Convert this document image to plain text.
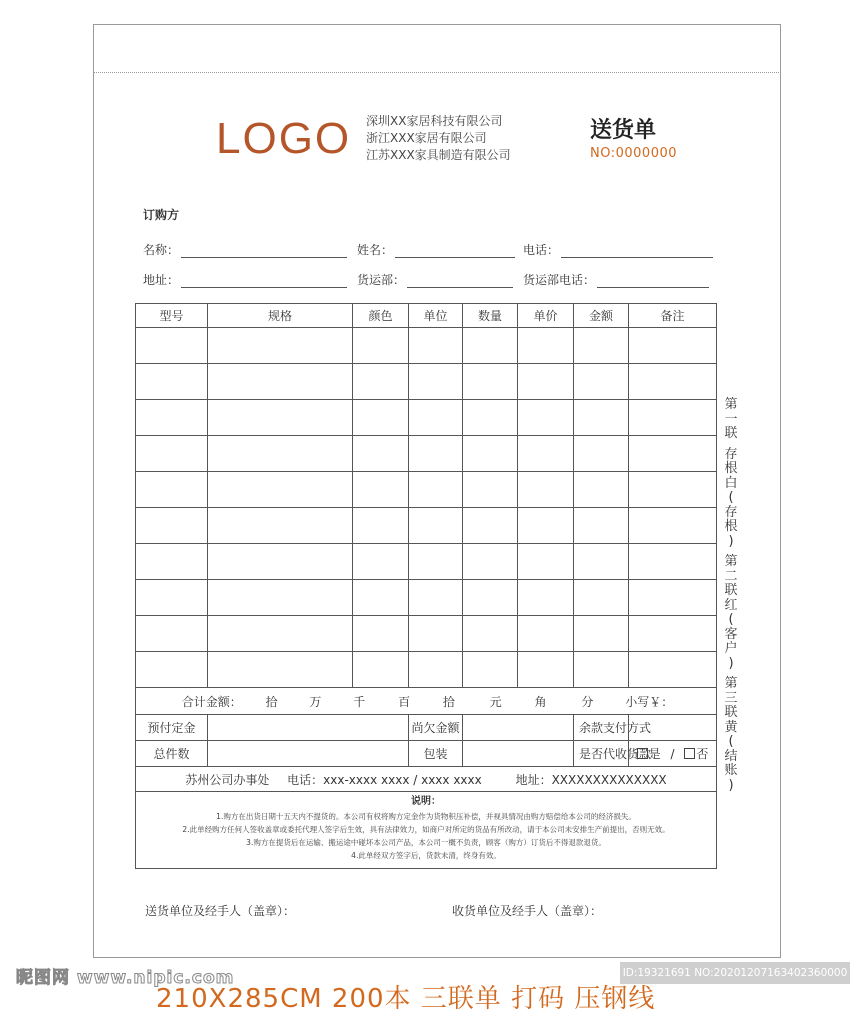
LOGO 深圳XX家居科技有限公司
浙江XXX家居有限公司
江苏XXX家具制造有限公司
送货单
NO:0000000
订购方
名称：	姓名：	电话：
地址：	货运部：	货运部电话：
型号	规格	颜色	单位	数量	单价	金额	备注

合计金额： 拾 万 千 百 拾 元 角 分 小写￥：							
预付定金			尚欠金额			余款支付方式	
总件数			包装			是否代收货款	是 / 否
苏州公司办事处 电话：xxx-xxxx xxxx / xxxx xxxx 地址：XXXXXXXXXXXXXX							

说明：
1.购方在出货日期十五天内不提货的。本公司有权将购方定金作为货物积压补偿，并视具情况由购方赔偿给本公司的经济损失。
2.此单经购方任何人签收盖章或委托代理人签字后生效，具有法律效力，如商户对所定的货品有所改动，请于本公司未安排生产前提出，否则无效。
3.购方在提货后在运输、搬运途中碰坏本公司产品，本公司一概不负责，顾客（购方）订货后不得退款退货。
4.此单经双方签字后，货款未清，终身有效。							
第
一
联

存
根
白
(
存
根
)

第
二
联
红
(
客
户
)

第
三
联
黄
(
结
账
)
送货单位及经手人（盖章）：	收货单位及经手人（盖章）：
昵图网 www.nipic.com	ID:19321691 NO:20201207163402360000
210X285CM 200本 三联单 打码 压钢线
